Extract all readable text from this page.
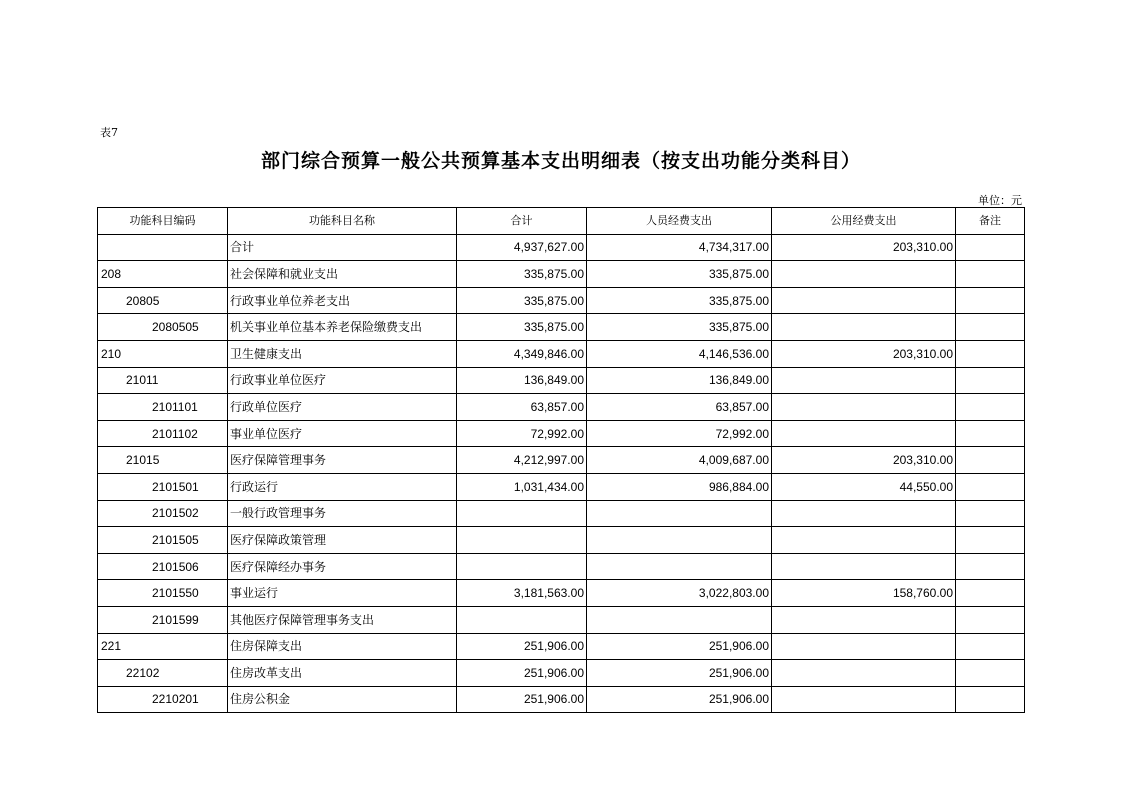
表7
部门综合预算一般公共预算基本支出明细表（按支出功能分类科目）
单位：元
功能科目编码	功能科目名称	合计	人员经费支出	公用经费支出	备注
	合计	4,937,627.00	4,734,317.00	203,310.00	
208	社会保障和就业支出	335,875.00	335,875.00		
20805	行政事业单位养老支出	335,875.00	335,875.00		
2080505	机关事业单位基本养老保险缴费支出	335,875.00	335,875.00		
210	卫生健康支出	4,349,846.00	4,146,536.00	203,310.00	
21011	行政事业单位医疗	136,849.00	136,849.00		
2101101	行政单位医疗	63,857.00	63,857.00		
2101102	事业单位医疗	72,992.00	72,992.00		
21015	医疗保障管理事务	4,212,997.00	4,009,687.00	203,310.00	
2101501	行政运行	1,031,434.00	986,884.00	44,550.00	
2101502	一般行政管理事务				
2101505	医疗保障政策管理				
2101506	医疗保障经办事务				
2101550	事业运行	3,181,563.00	3,022,803.00	158,760.00	
2101599	其他医疗保障管理事务支出				
221	住房保障支出	251,906.00	251,906.00		
22102	住房改革支出	251,906.00	251,906.00		
2210201	住房公积金	251,906.00	251,906.00		
